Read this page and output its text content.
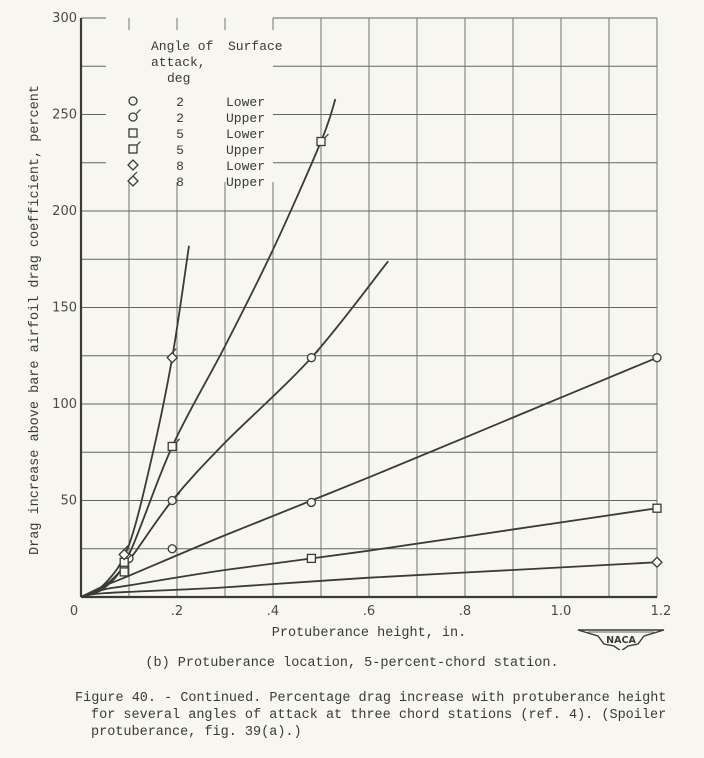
0	.2	.4	.6	.8	1.0	1.2
50
100
150
200
250
300
Angle of
attack,
deg
Surface
2	Lower
2	Upper
5	Lower
5	Upper
8	Lower
8	Upper
Protuberance height, in.
Drag increase above bare airfoil drag coefficient, percent
NACA
(b) Protuberance location, 5-percent-chord station.
Figure 40. - Continued. Percentage drag increase with protuberance height
for several angles of attack at three chord stations (ref. 4). (Spoiler
protuberance, fig. 39(a).)
